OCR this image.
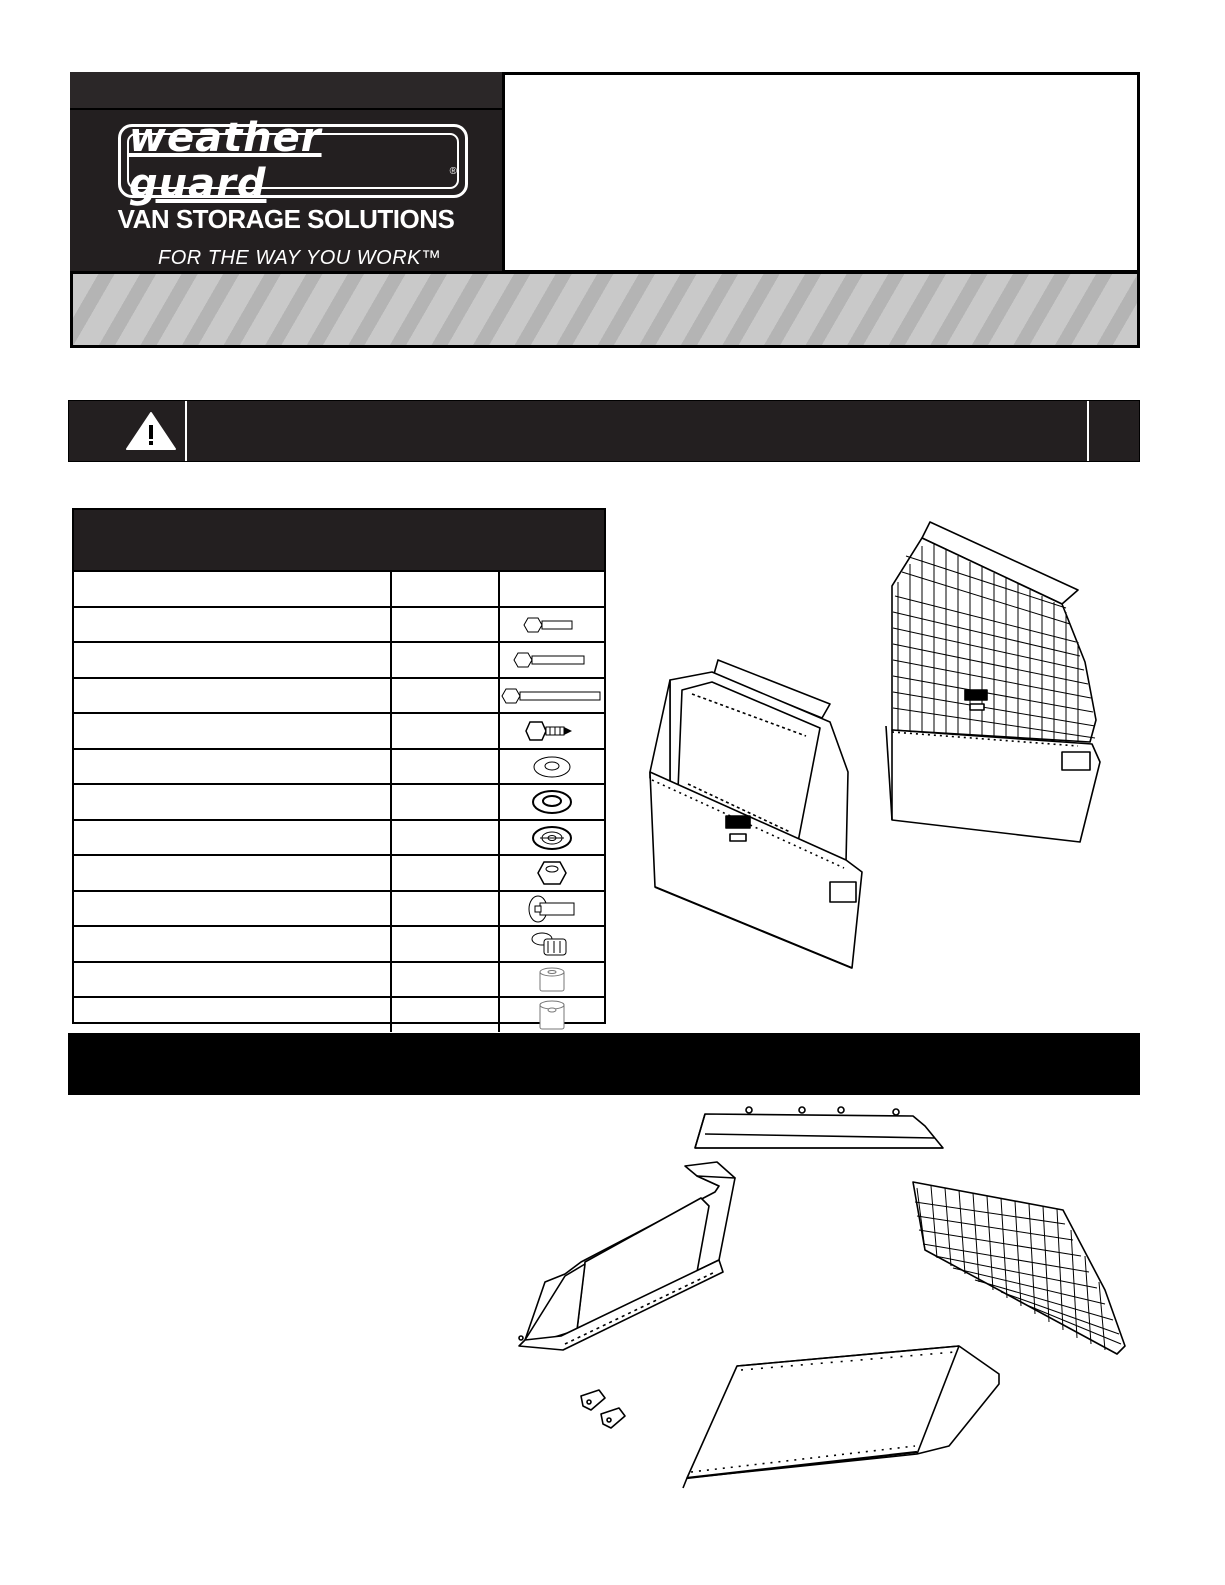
weather guard	®
VAN STORAGE SOLUTIONS
FOR THE WAY YOU WORK™
